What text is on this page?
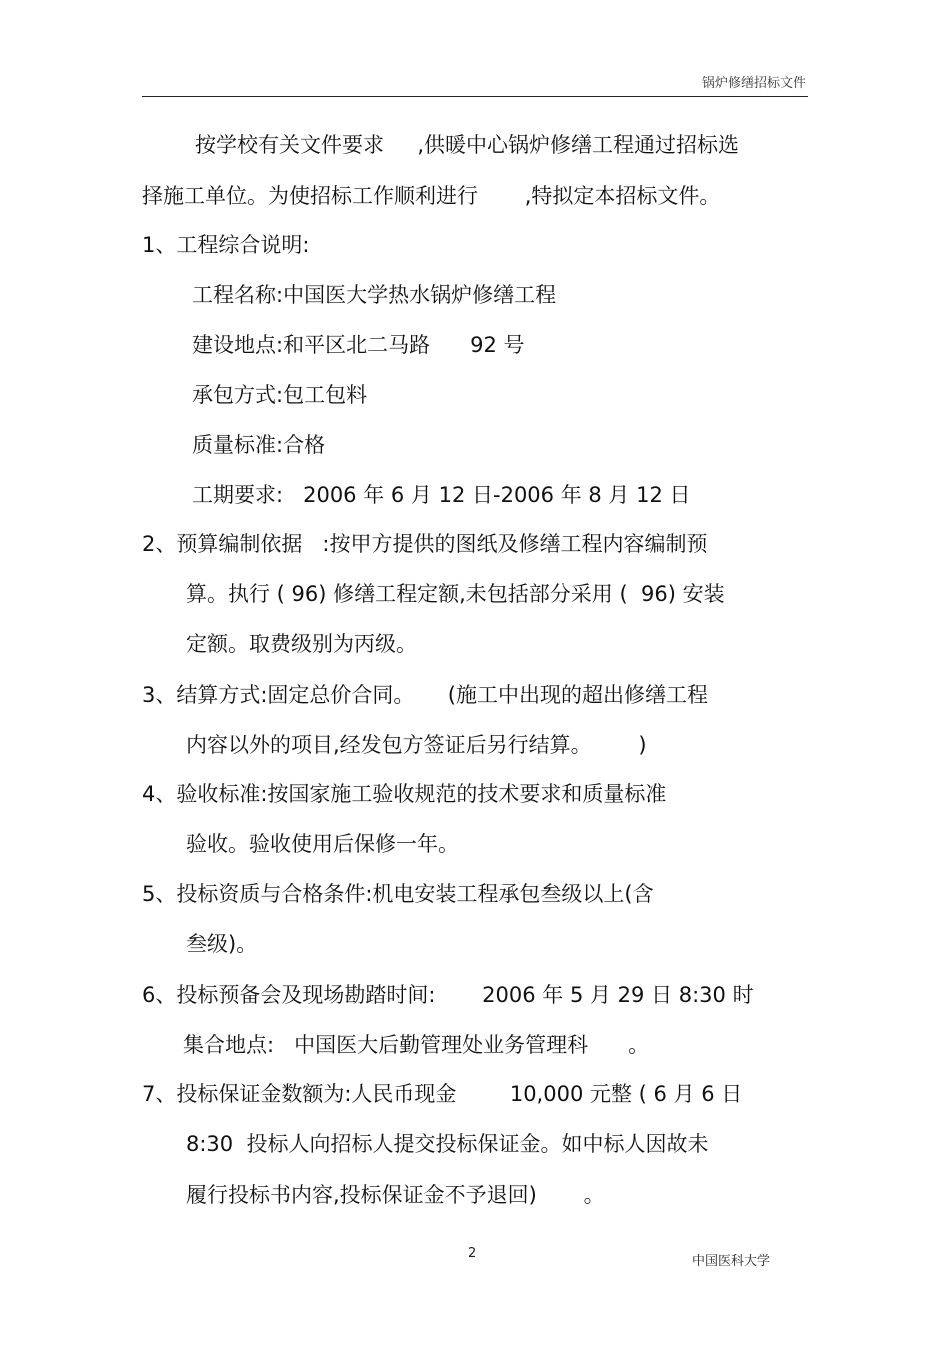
锅炉修缮招标文件
按学校有关文件要求     ,供暖中心锅炉修缮工程通过招标选
择施工单位。为使招标工作顺利进行       ,特拟定本招标文件。
1、工程综合说明:
工程名称:中国医大学热水锅炉修缮工程
建设地点:和平区北二马路      92 号
承包方式:包工包料
质量标准:合格
工期要求:   2006 年 6 月 12 日-2006 年 8 月 12 日
2、预算编制依据   :按甲方提供的图纸及修缮工程内容编制预
算。执行 ( 96) 修缮工程定额,未包括部分采用 (  96) 安装
定额。取费级别为丙级。
3、结算方式:固定总价合同。     (施工中出现的超出修缮工程
内容以外的项目,经发包方签证后另行结算。       )
4、验收标准:按国家施工验收规范的技术要求和质量标准
验收。验收使用后保修一年。
5、投标资质与合格条件:机电安装工程承包叁级以上(含
叁级)。
6、投标预备会及现场勘踏时间:       2006 年 5 月 29 日 8:30 时
集合地点:   中国医大后勤管理处业务管理科      。
7、投标保证金数额为:人民币现金        10,000 元整 ( 6 月 6 日
8:30  投标人向招标人提交投标保证金。如中标人因故未
履行投标书内容,投标保证金不予退回)       。
2
中国医科大学
